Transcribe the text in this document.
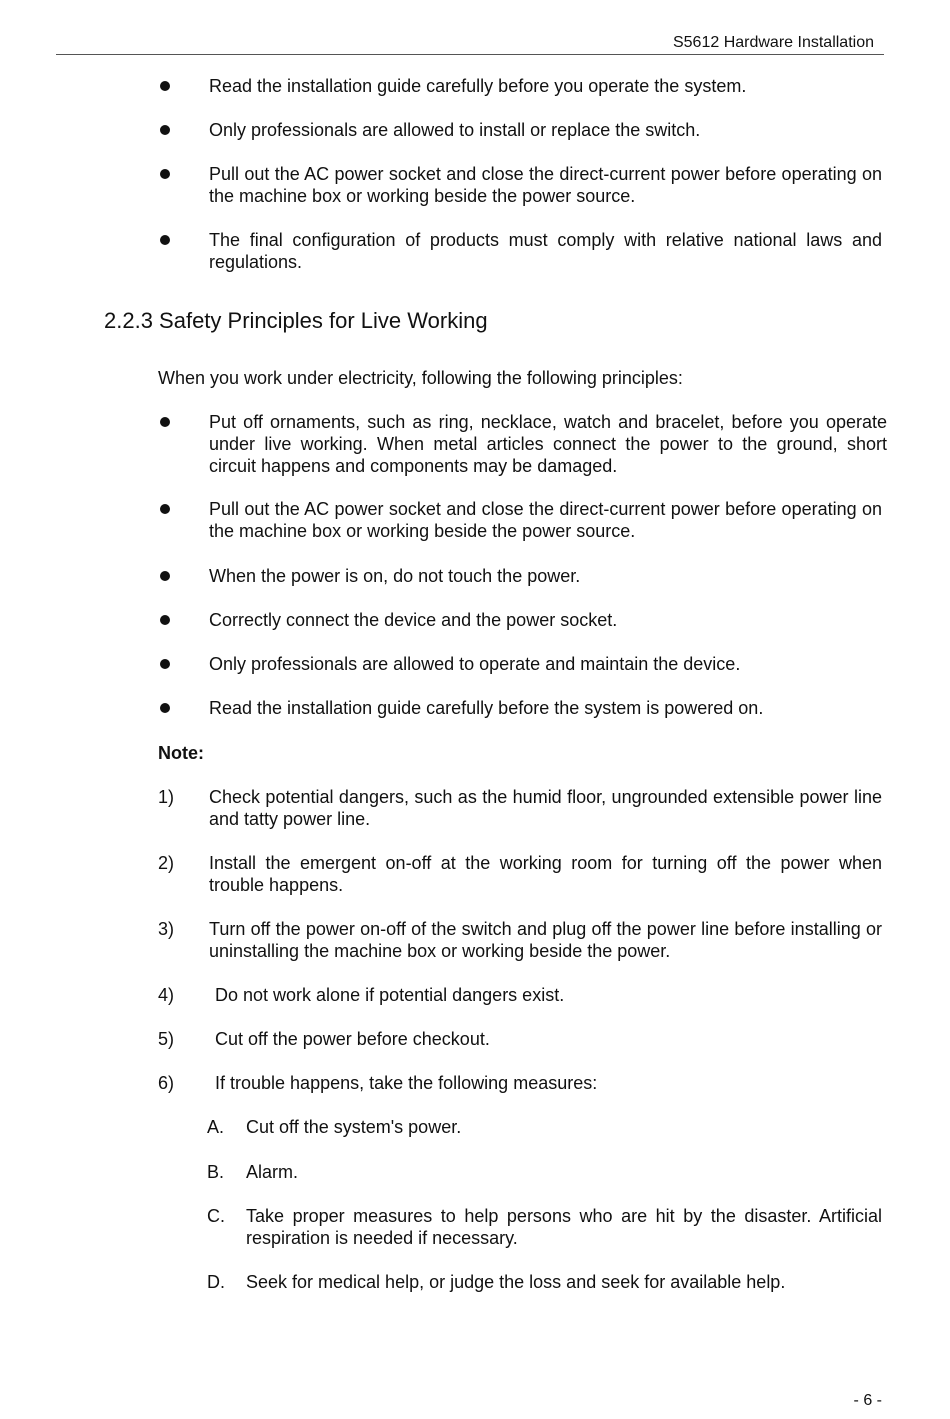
S5612 Hardware Installation
Read the installation guide carefully before you operate the system.
Only professionals are allowed to install or replace the switch.
Pull out the AC power socket and close the direct-current power before operating on the machine box or working beside the power source.
The final configuration of products must comply with relative national laws and regulations.
2.2.3 Safety Principles for Live Working
When you work under electricity, following the following principles:
Put off ornaments, such as ring, necklace, watch and bracelet, before you operate under live working. When metal articles connect the power to the ground, short circuit happens and components may be damaged.
Pull out the AC power socket and close the direct-current power before operating on the machine box or working beside the power source.
When the power is on, do not touch the power.
Correctly connect the device and the power socket.
Only professionals are allowed to operate and maintain the device.
Read the installation guide carefully before the system is powered on.
Note:
1)	Check potential dangers, such as the humid floor, ungrounded extensible power line and tatty power line.
2)	Install the emergent on-off at the working room for turning off the power when trouble happens.
3)	Turn off the power on-off of the switch and plug off the power line before installing or uninstalling the machine box or working beside the power.
4)	Do not work alone if potential dangers exist.
5)	Cut off the power before checkout.
6)	If trouble happens, take the following measures:
A.	Cut off the system's power.
B.	Alarm.
C.	Take proper measures to help persons who are hit by the disaster. Artificial respiration is needed if necessary.
D.	Seek for medical help, or judge the loss and seek for available help.
- 6 -
